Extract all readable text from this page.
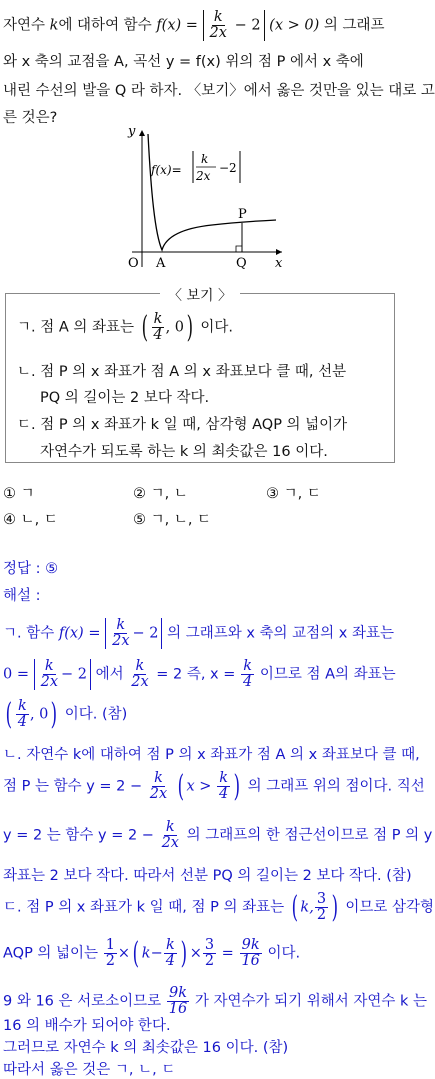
자연수 k에 대하여 함수 $f(x) = \frac{k}{2x} - 2$ (x > 0) 의 그래프
와 x 축의 교점을 A, 곡선 y = f(x) 위의 점 P 에서 x 축에
내린 수선의 발을 Q 라 하자. 〈보기〉에서 옳은 것만을 있는 대로 고
른 것은?
y
x
O A	Q
P
f(x)=
k
2x
−2
〈 보기 〉
ㄱ. 점 A 의 좌표는 ( $\frac{k}{4}$ , 0) 이다.
ㄴ. 점 P 의 x 좌표가 점 A 의 x 좌표보다 클 때, 선분
PQ 의 길이는 2 보다 작다.
ㄷ. 점 P 의 x 좌표가 k 일 때, 삼각형 AQP 의 넓이가
자연수가 되도록 하는 k 의 최솟값은 16 이다.
① ㄱ	② ㄱ, ㄴ	③ ㄱ, ㄷ
④ ㄴ, ㄷ	⑤ ㄱ, ㄴ, ㄷ
정답 : ⑤
해설 :
ㄱ. 함수 $f(x) = \frac{k}{2x} - 2$ 의 그래프와 x 축의 교점의 x 좌표는
$0 = \frac{k}{2x} - 2$ 에서 $\frac{k}{2x} = 2$ 즉, $x = \frac{k}{4}$ 이므로 점 A의 좌표는
( $\frac{k}{4}$ , 0) 이다. (참)
ㄴ. 자연수 k에 대하여 점 P 의 x 좌표가 점 A 의 x 좌표보다 클 때,
점 P 는 함수 $y = 2 - \frac{k}{2x}$ ( $x > \frac{k}{4}$ ) 의 그래프 위의 점이다. 직선
y = 2 는 함수 $y = 2 - \frac{k}{2x}$ 의 그래프의 한 점근선이므로 점 P 의 y
좌표는 2 보다 작다. 따라서 선분 PQ 의 길이는 2 보다 작다. (참)
ㄷ. 점 P 의 x 좌표가 k 일 때, 점 P 의 좌표는 ( k, $\frac{3}{2}$ ) 이므로 삼각형
AQP 의 넓이는 $\frac{1}{2}$ ×( $k- \frac{k}{4}$ ) × $\frac{3}{2} = \frac{9k}{16}$ 이다.
9 와 16 은 서로소이므로 $\frac{9k}{16}$ 가 자연수가 되기 위해서 자연수 k 는
16 의 배수가 되어야 한다.
그러므로 자연수 k 의 최솟값은 16 이다. (참)
따라서 옳은 것은 ㄱ, ㄴ, ㄷ
